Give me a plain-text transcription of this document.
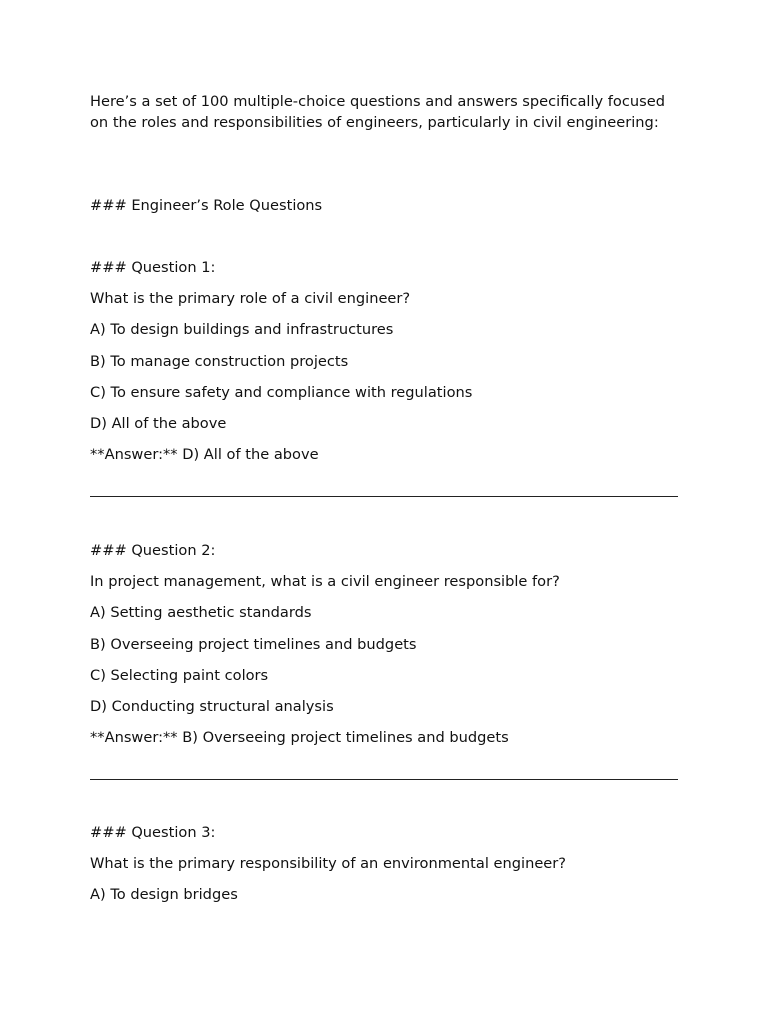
Here’s a set of 100 multiple-choice questions and answers specifically focused on the roles and responsibilities of engineers, particularly in civil engineering:

### Engineer’s Role Questions
### Question 1:
What is the primary role of a civil engineer?
A) To design buildings and infrastructures
B) To manage construction projects
C) To ensure safety and compliance with regulations
D) All of the above
**Answer:** D) All of the above
### Question 2:
In project management, what is a civil engineer responsible for?
A) Setting aesthetic standards
B) Overseeing project timelines and budgets
C) Selecting paint colors
D) Conducting structural analysis
**Answer:** B) Overseeing project timelines and budgets
### Question 3:
What is the primary responsibility of an environmental engineer?
A) To design bridges
